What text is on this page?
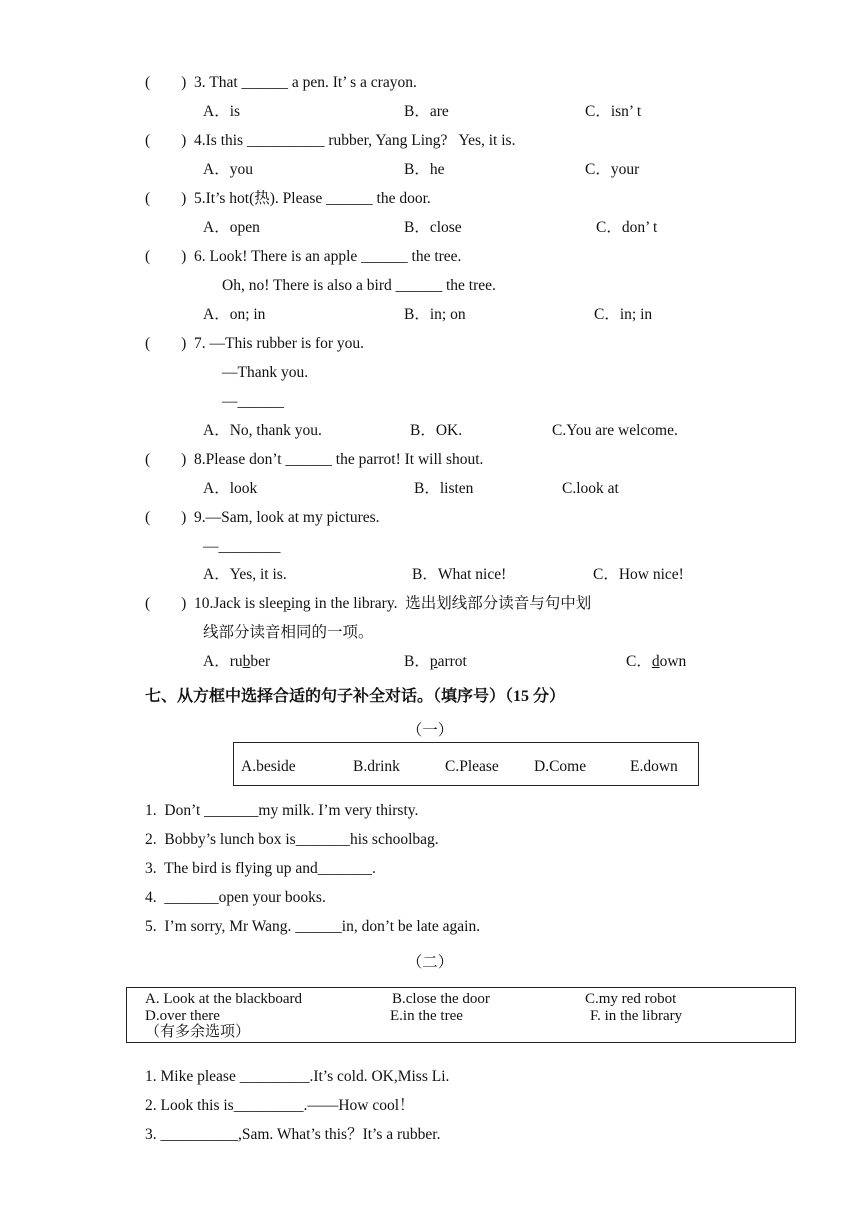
(        ) 3. That ______ a pen. It’ s a crayon.
A．is	B．are	C．isn’ t
(        ) 4.Is this __________ rubber, Yang Ling?   Yes, it is.
A．you	B．he	C．your
(        ) 5.It’s hot(热). Please ______ the door.
A．open	B．close	C．don’ t
(        ) 6. Look! There is an apple ______ the tree.
Oh, no! There is also a bird ______ the tree.
A．on; in	B．in; on	C．in; in
(        ) 7. —This rubber is for you.
—Thank you.
—______
A．No, thank you.	B．OK.	C.You are welcome.
(        ) 8.Please don’t ______ the parrot! It will shout.
A．look	B．listen	C.look at
(        ) 9.—Sam, look at my pictures.
—________
A．Yes, it is.	B．What nice!	C．How nice!
(        ) 10.Jack is sleeping in the library.  选出划线部分读音与句中划
线部分读音相同的一项。
A．rubber	B．parrot	C．down
七、从方框中选择合适的句子补全对话。（填序号）（15 分）
（一）
A.beside	B.drink	C.Please D.Come	E.down
1.  Don’t _______my milk. I’m very thirsty.
2.  Bobby’s lunch box is_______his schoolbag.
3.  The bird is flying up and_______.
4.  _______open your books.
5.  I’m sorry, Mr Wang. ______in, don’t be late again.
（二）
A. Look at the blackboard	B.close the door	C.my red robot
D.over there	E.in the tree	F. in the library
（有多余选项）
1. Mike please _________.It’s cold. OK,Miss Li.
2. Look this is_________.——How cool！
3. __________,Sam. What’s this？It’s a rubber.
